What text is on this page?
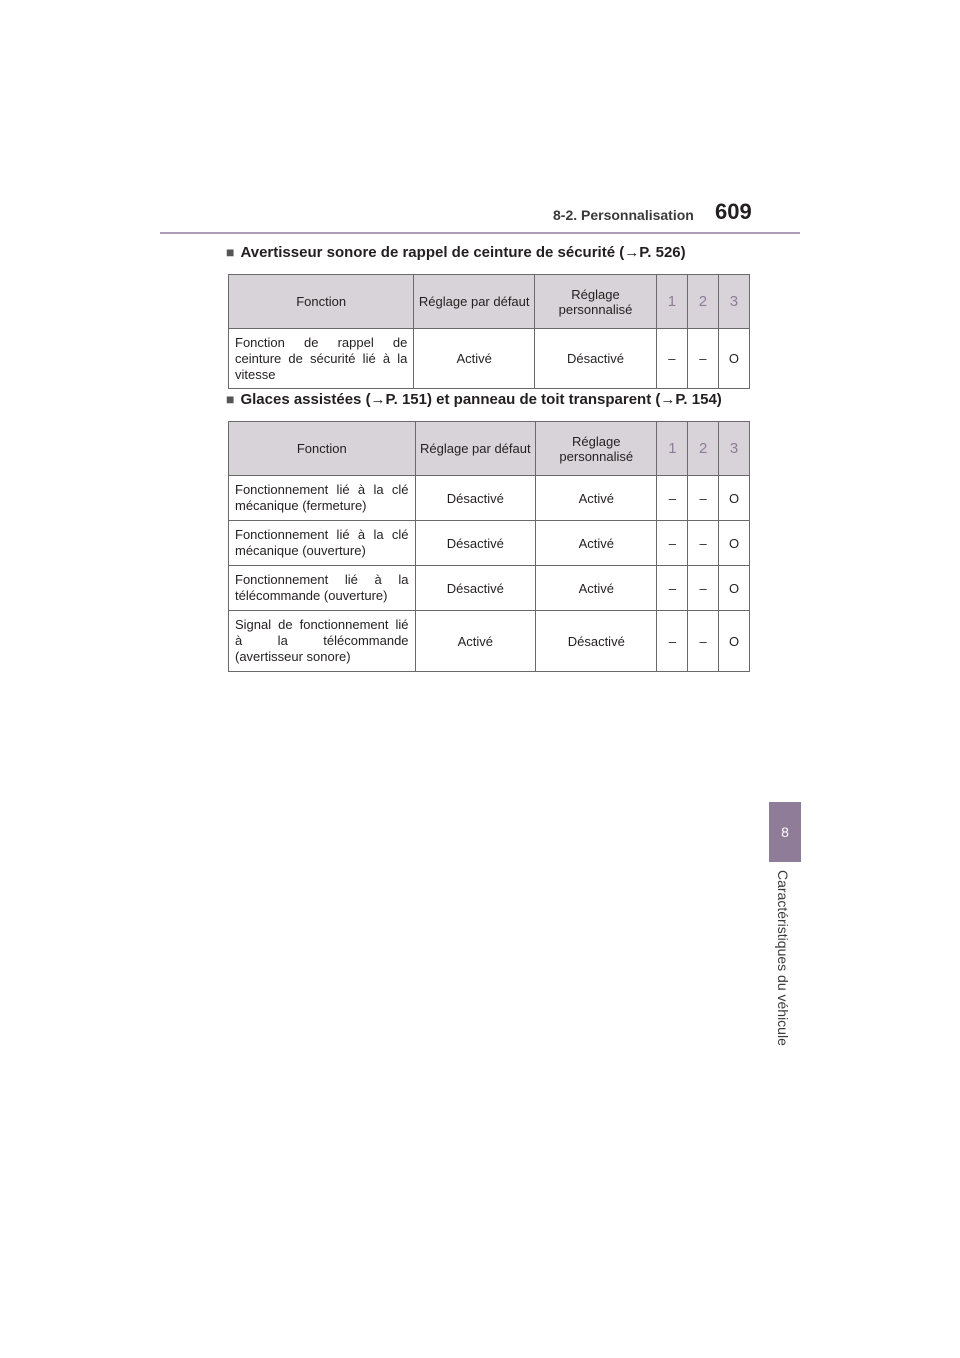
8-2. Personnalisation 609
8
Caractéristiques du véhicule
■ Avertisseur sonore de rappel de ceinture de sécurité (→P. 526)
Fonction	Réglage par défaut	Réglage
personnalisé	1	2	3
Fonction de rappel de ceinture de sécurité lié à la vitesse	Activé	Désactivé	–	–	O
■ Glaces assistées (→P. 151) et panneau de toit transparent (→P. 154)
Fonction	Réglage par défaut	Réglage
personnalisé	1	2	3
Fonctionnement lié à la clé mécanique (fermeture)	Désactivé	Activé	–	–	O
Fonctionnement lié à la clé mécanique (ouverture)	Désactivé	Activé	–	–	O
Fonctionnement lié à la télécommande (ouverture)	Désactivé	Activé	–	–	O
Signal de fonctionnement lié à la télécommande (avertisseur sonore)	Activé	Désactivé	–	–	O
